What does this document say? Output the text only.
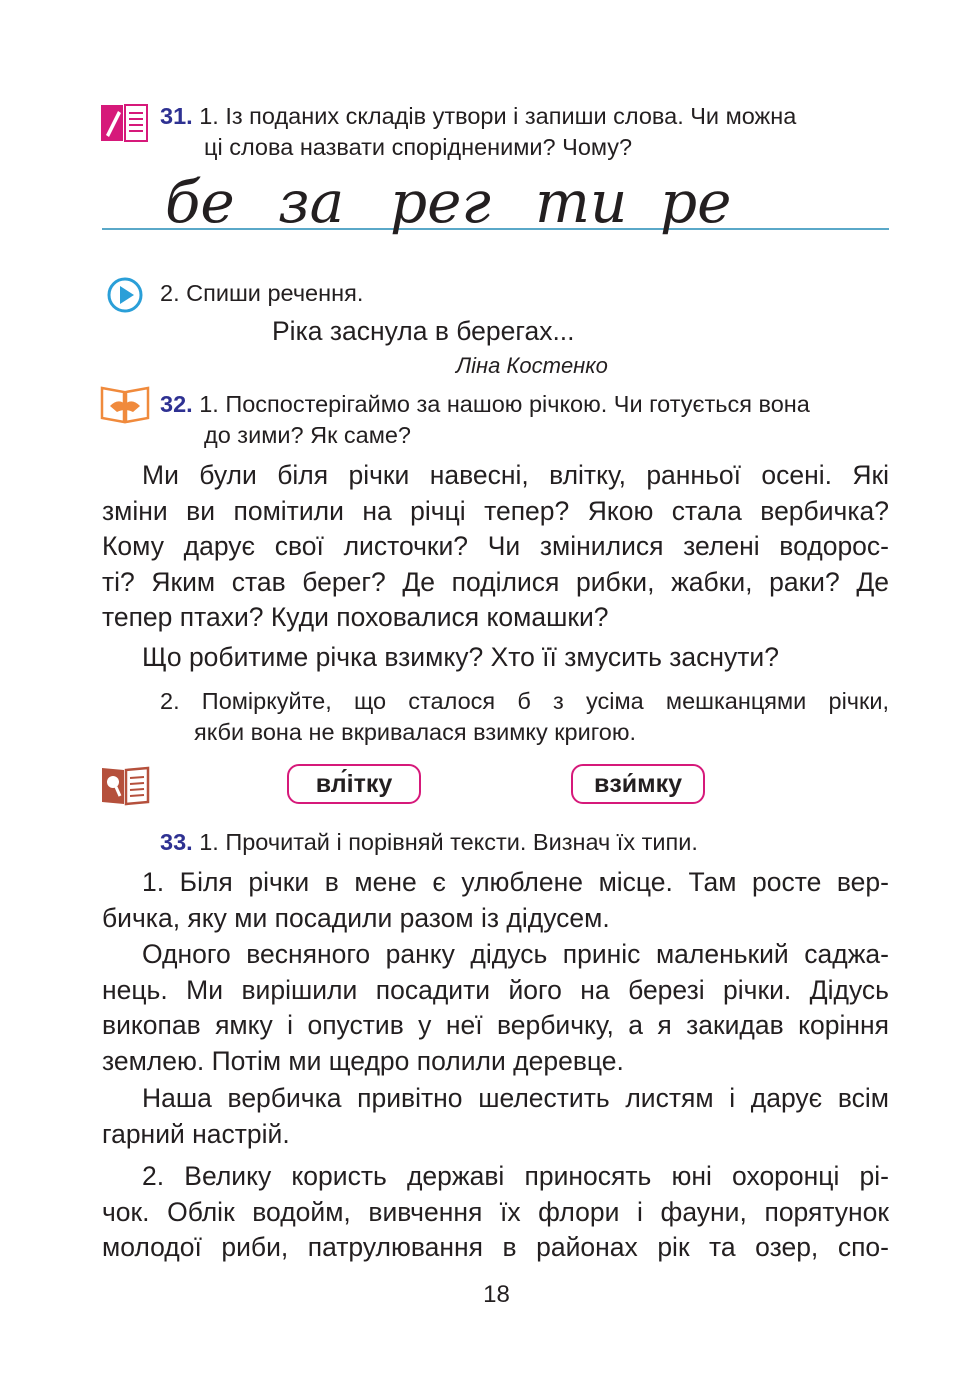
31. 1. Із поданих складів утвори і запиши слова. Чи можна
ці слова назвати спорідненими? Чому?
бе за рег ти ре
2. Спиши речення.
Ріка заснула в берегах...
Ліна Костенко
32. 1. Поспостерігаймо за нашою річкою. Чи готується вона
до зими? Як саме?
Ми були біля річки навесні, влітку, ранньої осені. Які
зміни ви помітили на річці тепер? Якою стала вербичка?
Кому дарує свої листочки? Чи змінилися зелені водорос-
ті? Яким став берег? Де поділися рибки, жабки, раки? Де
тепер птахи? Куди поховалися комашки?
Що робитиме річка взимку? Хто її змусить заснути?
2. Поміркуйте, що сталося б з усіма мешканцями річки,
якби вона не вкривалася взимку кригою.
вл́ітку	взи́мку
33. 1. Прочитай і порівняй тексти. Визнач їх типи.
1. Біля річки в мене є улюблене місце. Там росте вер-
бичка, яку ми посадили разом із дідусем.
Одного весняного ранку дідусь приніс маленький саджа-
нець. Ми вирішили посадити його на березі річки. Дідусь
викопав ямку і опустив у неї вербичку, а я закидав коріння
землею. Потім ми щедро полили деревце.
Наша вербичка привітно шелестить листям і дарує всім
гарний настрій.
2. Велику користь державі приносять юні охоронці рі-
чок. Облік водойм, вивчення їх флори і фауни, порятунок
молодої риби, патрулювання в районах рік та озер, спо-
18
